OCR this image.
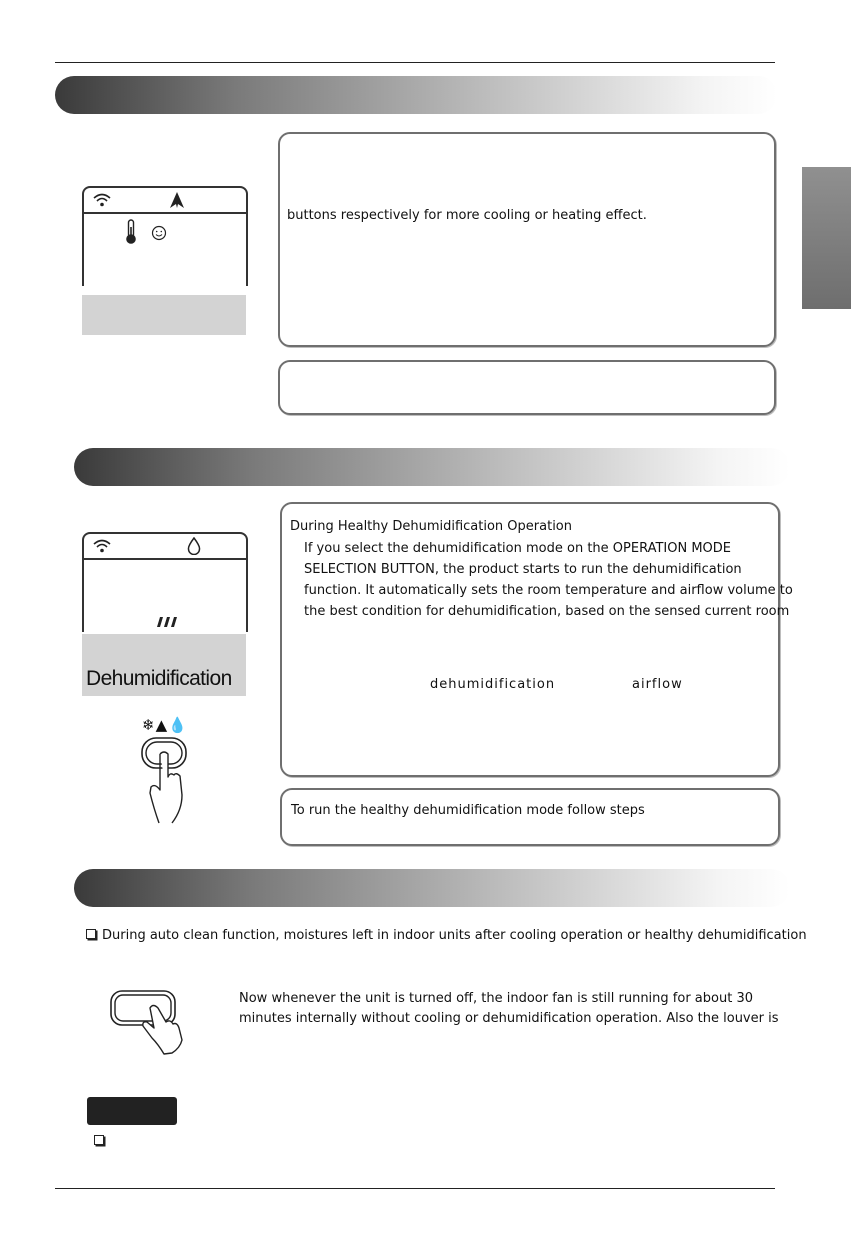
buttons respectively for more cooling or heating effect.
Dehumidification
❄▲💧
During Healthy Dehumidification Operation
If you select the dehumidification mode on the OPERATION MODE
SELECTION BUTTON, the product starts to run the dehumidification
function. It automatically sets the room temperature and airflow volume to
the best condition for dehumidification, based on the sensed current room
dehumidification	airflow
To run the healthy dehumidification mode follow steps
During auto clean function, moistures left in indoor units after cooling operation or healthy dehumidification
Now whenever the unit is turned off, the indoor fan is still running for about 30
minutes internally without cooling or dehumidification operation. Also the louver is
